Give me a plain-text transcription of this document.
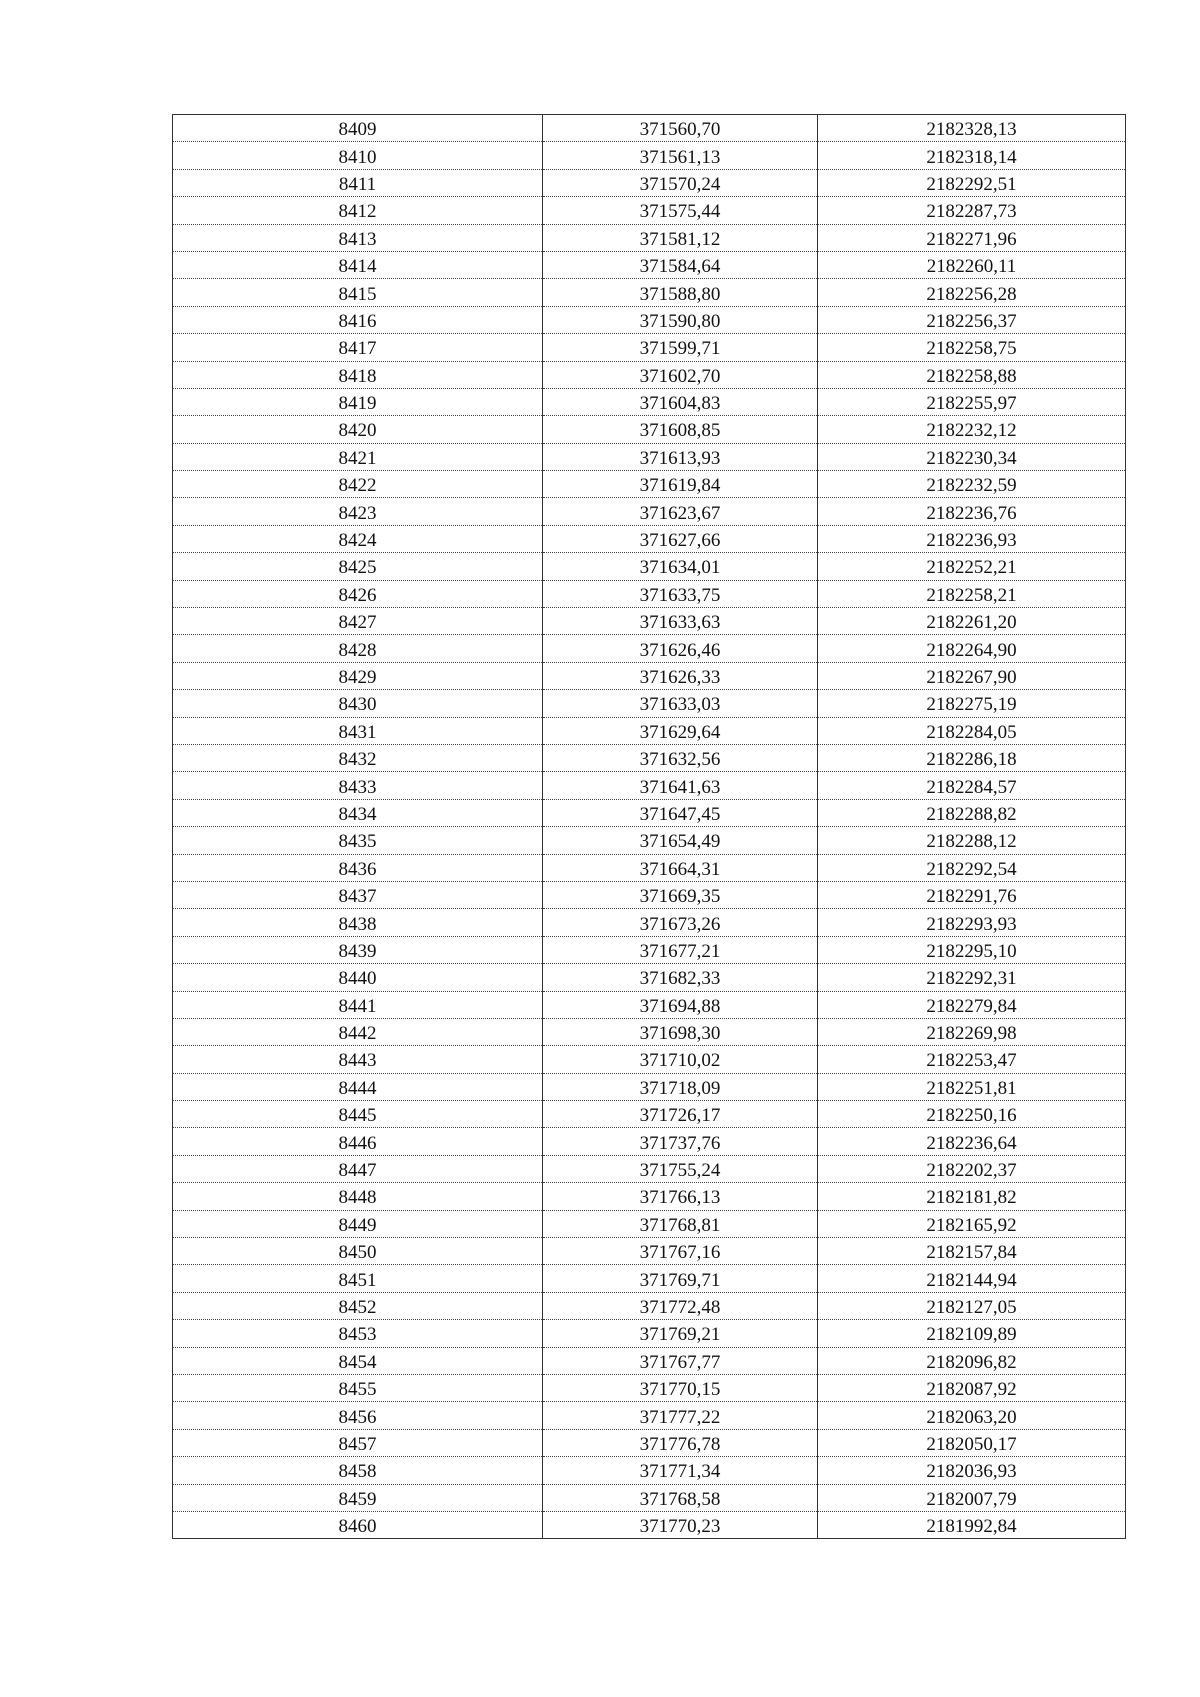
8409	371560,70	2182328,13
8410	371561,13	2182318,14
8411	371570,24	2182292,51
8412	371575,44	2182287,73
8413	371581,12	2182271,96
8414	371584,64	2182260,11
8415	371588,80	2182256,28
8416	371590,80	2182256,37
8417	371599,71	2182258,75
8418	371602,70	2182258,88
8419	371604,83	2182255,97
8420	371608,85	2182232,12
8421	371613,93	2182230,34
8422	371619,84	2182232,59
8423	371623,67	2182236,76
8424	371627,66	2182236,93
8425	371634,01	2182252,21
8426	371633,75	2182258,21
8427	371633,63	2182261,20
8428	371626,46	2182264,90
8429	371626,33	2182267,90
8430	371633,03	2182275,19
8431	371629,64	2182284,05
8432	371632,56	2182286,18
8433	371641,63	2182284,57
8434	371647,45	2182288,82
8435	371654,49	2182288,12
8436	371664,31	2182292,54
8437	371669,35	2182291,76
8438	371673,26	2182293,93
8439	371677,21	2182295,10
8440	371682,33	2182292,31
8441	371694,88	2182279,84
8442	371698,30	2182269,98
8443	371710,02	2182253,47
8444	371718,09	2182251,81
8445	371726,17	2182250,16
8446	371737,76	2182236,64
8447	371755,24	2182202,37
8448	371766,13	2182181,82
8449	371768,81	2182165,92
8450	371767,16	2182157,84
8451	371769,71	2182144,94
8452	371772,48	2182127,05
8453	371769,21	2182109,89
8454	371767,77	2182096,82
8455	371770,15	2182087,92
8456	371777,22	2182063,20
8457	371776,78	2182050,17
8458	371771,34	2182036,93
8459	371768,58	2182007,79
8460	371770,23	2181992,84
